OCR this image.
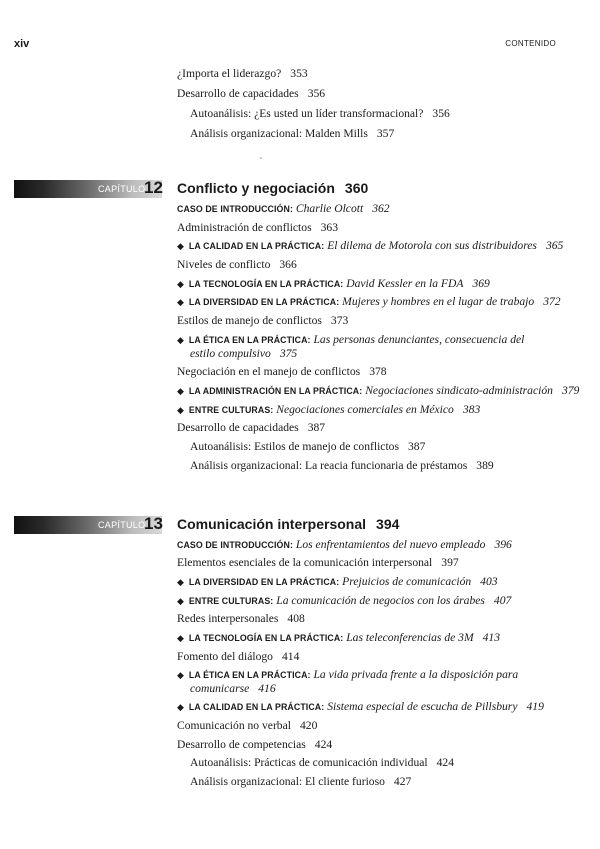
xiv	CONTENIDO
¿Importa el liderazgo? 353
Desarrollo de capacidades 356
Autoanálisis: ¿Es usted un líder transformacional? 356
Análisis organizacional: Malden Mills 357
CAPÍTULO
12 Conflicto y negociación 360
CASO DE INTRODUCCIÓN: Charlie Olcott 362
Administración de conflictos 363
◆ LA CALIDAD EN LA PRÁCTICA: El dilema de Motorola con sus distribuidores 365
Niveles de conflicto 366
◆ LA TECNOLOGÍA EN LA PRÁCTICA: David Kessler en la FDA 369
◆ LA DIVERSIDAD EN LA PRÁCTICA: Mujeres y hombres en el lugar de trabajo 372
Estilos de manejo de conflictos 373
◆ LA ÉTICA EN LA PRÁCTICA: Las personas denunciantes, consecuencia del
estilo compulsivo 375
Negociación en el manejo de conflictos 378
◆ LA ADMINISTRACIÓN EN LA PRÁCTICA: Negociaciones sindicato-administración 379
◆ ENTRE CULTURAS: Negociaciones comerciales en México 383
Desarrollo de capacidades 387
Autoanálisis: Estilos de manejo de conflictos 387
Análisis organizacional: La reacia funcionaria de préstamos 389
CAPÍTULO
13 Comunicación interpersonal 394
CASO DE INTRODUCCIÓN: Los enfrentamientos del nuevo empleado 396
Elementos esenciales de la comunicación interpersonal 397
◆ LA DIVERSIDAD EN LA PRÁCTICA: Prejuicios de comunicación 403
◆ ENTRE CULTURAS: La comunicación de negocios con los árabes 407
Redes interpersonales 408
◆ LA TECNOLOGÍA EN LA PRÁCTICA: Las teleconferencias de 3M 413
Fomento del diálogo 414
◆ LA ÉTICA EN LA PRÁCTICA: La vida privada frente a la disposición para
comunicarse 416
◆ LA CALIDAD EN LA PRÁCTICA: Sistema especial de escucha de Pillsbury 419
Comunicación no verbal 420
Desarrollo de competencias 424
Autoanálisis: Prácticas de comunicación individual 424
Análisis organizacional: El cliente furioso 427
